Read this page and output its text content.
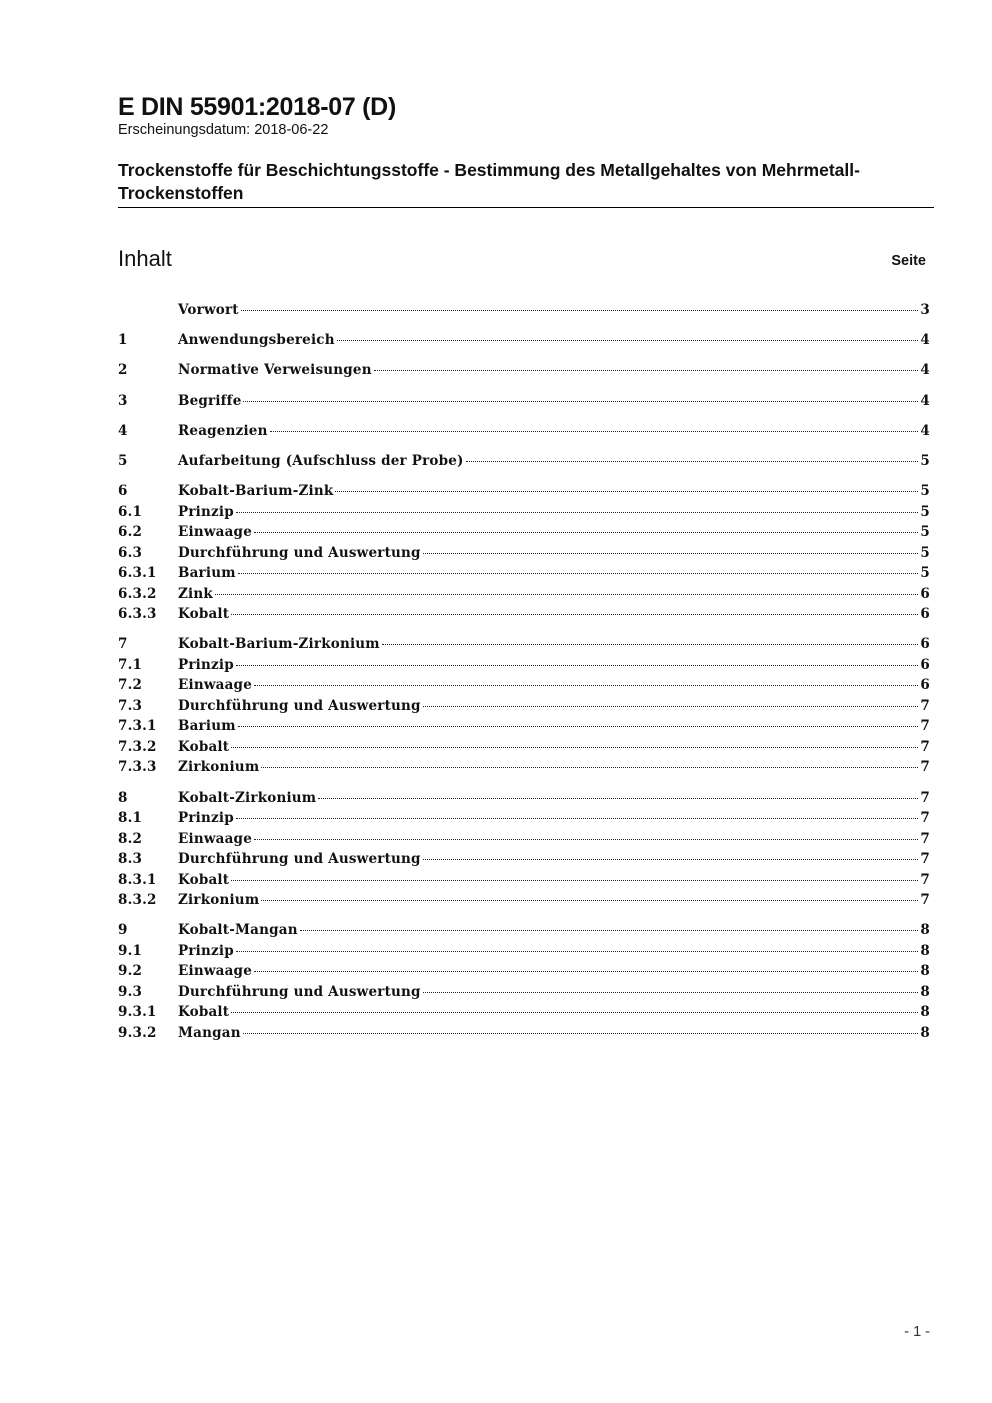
E DIN 55901:2018-07 (D)
Erscheinungsdatum: 2018-06-22
Trockenstoffe für Beschichtungsstoffe - Bestimmung des Metallgehaltes von Mehrmetall-Trockenstoffen
Inhalt	Seite
Vorwort	3
1	Anwendungsbereich	4
2	Normative Verweisungen	4
3	Begriffe	4
4	Reagenzien	4
5	Aufarbeitung (Aufschluss der Probe)	5
6	Kobalt-Barium-Zink	5
6.1	Prinzip	5
6.2	Einwaage	5
6.3	Durchführung und Auswertung	5
6.3.1	Barium	5
6.3.2	Zink	6
6.3.3	Kobalt	6
7	Kobalt-Barium-Zirkonium	6
7.1	Prinzip	6
7.2	Einwaage	6
7.3	Durchführung und Auswertung	7
7.3.1	Barium	7
7.3.2	Kobalt	7
7.3.3	Zirkonium	7
8	Kobalt-Zirkonium	7
8.1	Prinzip	7
8.2	Einwaage	7
8.3	Durchführung und Auswertung	7
8.3.1	Kobalt	7
8.3.2	Zirkonium	7
9	Kobalt-Mangan	8
9.1	Prinzip	8
9.2	Einwaage	8
9.3	Durchführung und Auswertung	8
9.3.1	Kobalt	8
9.3.2	Mangan	8
- 1 -
